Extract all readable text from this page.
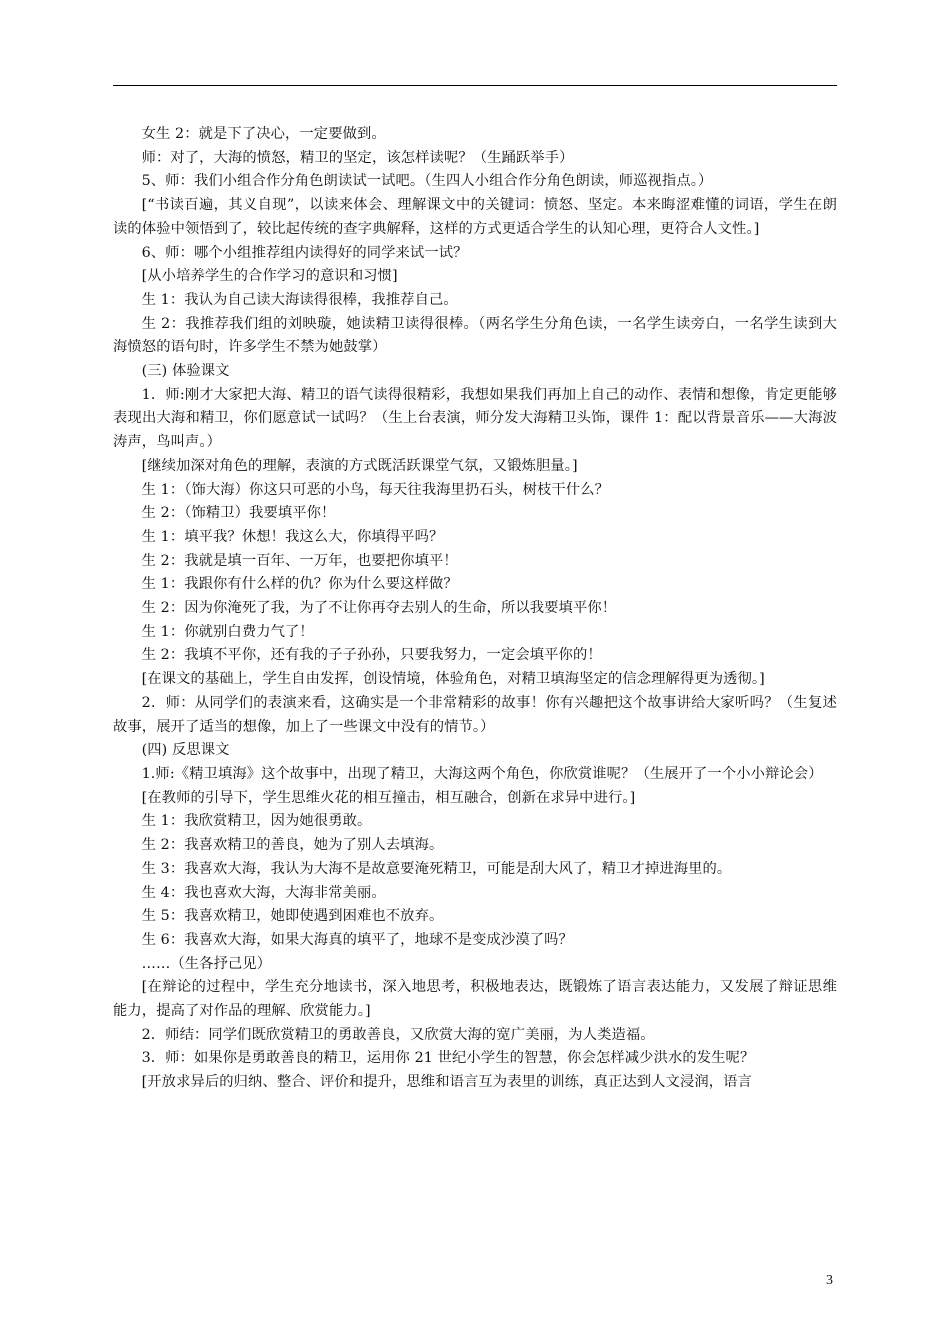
女生 2：就是下了决心，一定要做到。

师：对了，大海的愤怒，精卫的坚定，该怎样读呢？（生踊跃举手）

5、师：我们小组合作分角色朗读试一试吧。（生四人小组合作分角色朗读，师巡视指点。）

[“书读百遍，其义自现”，以读来体会、理解课文中的关键词：愤怒、坚定。本来晦涩难懂的词语，学生在朗读的体验中领悟到了，较比起传统的查字典解释，这样的方式更适合学生的认知心理，更符合人文性。]

6、师：哪个小组推荐组内读得好的同学来试一试？

[从小培养学生的合作学习的意识和习惯]

生 1：我认为自己读大海读得很棒，我推荐自己。

生 2：我推荐我们组的刘映璇，她读精卫读得很棒。（两名学生分角色读，一名学生读旁白，一名学生读到大海愤怒的语句时，许多学生不禁为她鼓掌）

(三) 体验课文

1．师:刚才大家把大海、精卫的语气读得很精彩，我想如果我们再加上自己的动作、表情和想像，肯定更能够表现出大海和精卫，你们愿意试一试吗？（生上台表演，师分发大海精卫头饰，课件 1：配以背景音乐——大海波涛声，鸟叫声。）

[继续加深对角色的理解，表演的方式既活跃课堂气氛，又锻炼胆量。]

生 1：（饰大海）你这只可恶的小鸟，每天往我海里扔石头，树枝干什么？

生 2：（饰精卫）我要填平你！

生 1：填平我？休想！我这么大，你填得平吗？

生 2：我就是填一百年、一万年，也要把你填平！

生 1：我跟你有什么样的仇？你为什么要这样做？

生 2：因为你淹死了我，为了不让你再夺去别人的生命，所以我要填平你！

生 1：你就别白费力气了！

生 2：我填不平你，还有我的子子孙孙，只要我努力，一定会填平你的！

[在课文的基础上，学生自由发挥，创设情境，体验角色，对精卫填海坚定的信念理解得更为透彻。]

2．师：从同学们的表演来看，这确实是一个非常精彩的故事！你有兴趣把这个故事讲给大家听吗？（生复述故事，展开了适当的想像，加上了一些课文中没有的情节。）

(四) 反思课文

1.师:《精卫填海》这个故事中，出现了精卫，大海这两个角色，你欣赏谁呢？（生展开了一个小小辩论会）

[在教师的引导下，学生思维火花的相互撞击，相互融合，创新在求异中进行。]

生 1：我欣赏精卫，因为她很勇敢。

生 2：我喜欢精卫的善良，她为了别人去填海。

生 3：我喜欢大海，我认为大海不是故意要淹死精卫，可能是刮大风了，精卫才掉进海里的。

生 4：我也喜欢大海，大海非常美丽。

生 5：我喜欢精卫，她即使遇到困难也不放弃。

生 6：我喜欢大海，如果大海真的填平了，地球不是变成沙漠了吗？

……（生各抒己见）

[在辩论的过程中，学生充分地读书，深入地思考，积极地表达，既锻炼了语言表达能力，又发展了辩证思维能力，提高了对作品的理解、欣赏能力。]

2．师结：同学们既欣赏精卫的勇敢善良，又欣赏大海的宽广美丽，为人类造福。

3．师：如果你是勇敢善良的精卫，运用你 21 世纪小学生的智慧，你会怎样减少洪水的发生呢？

[开放求异后的归纳、整合、评价和提升，思维和语言互为表里的训练，真正达到人文浸润，语言

3
